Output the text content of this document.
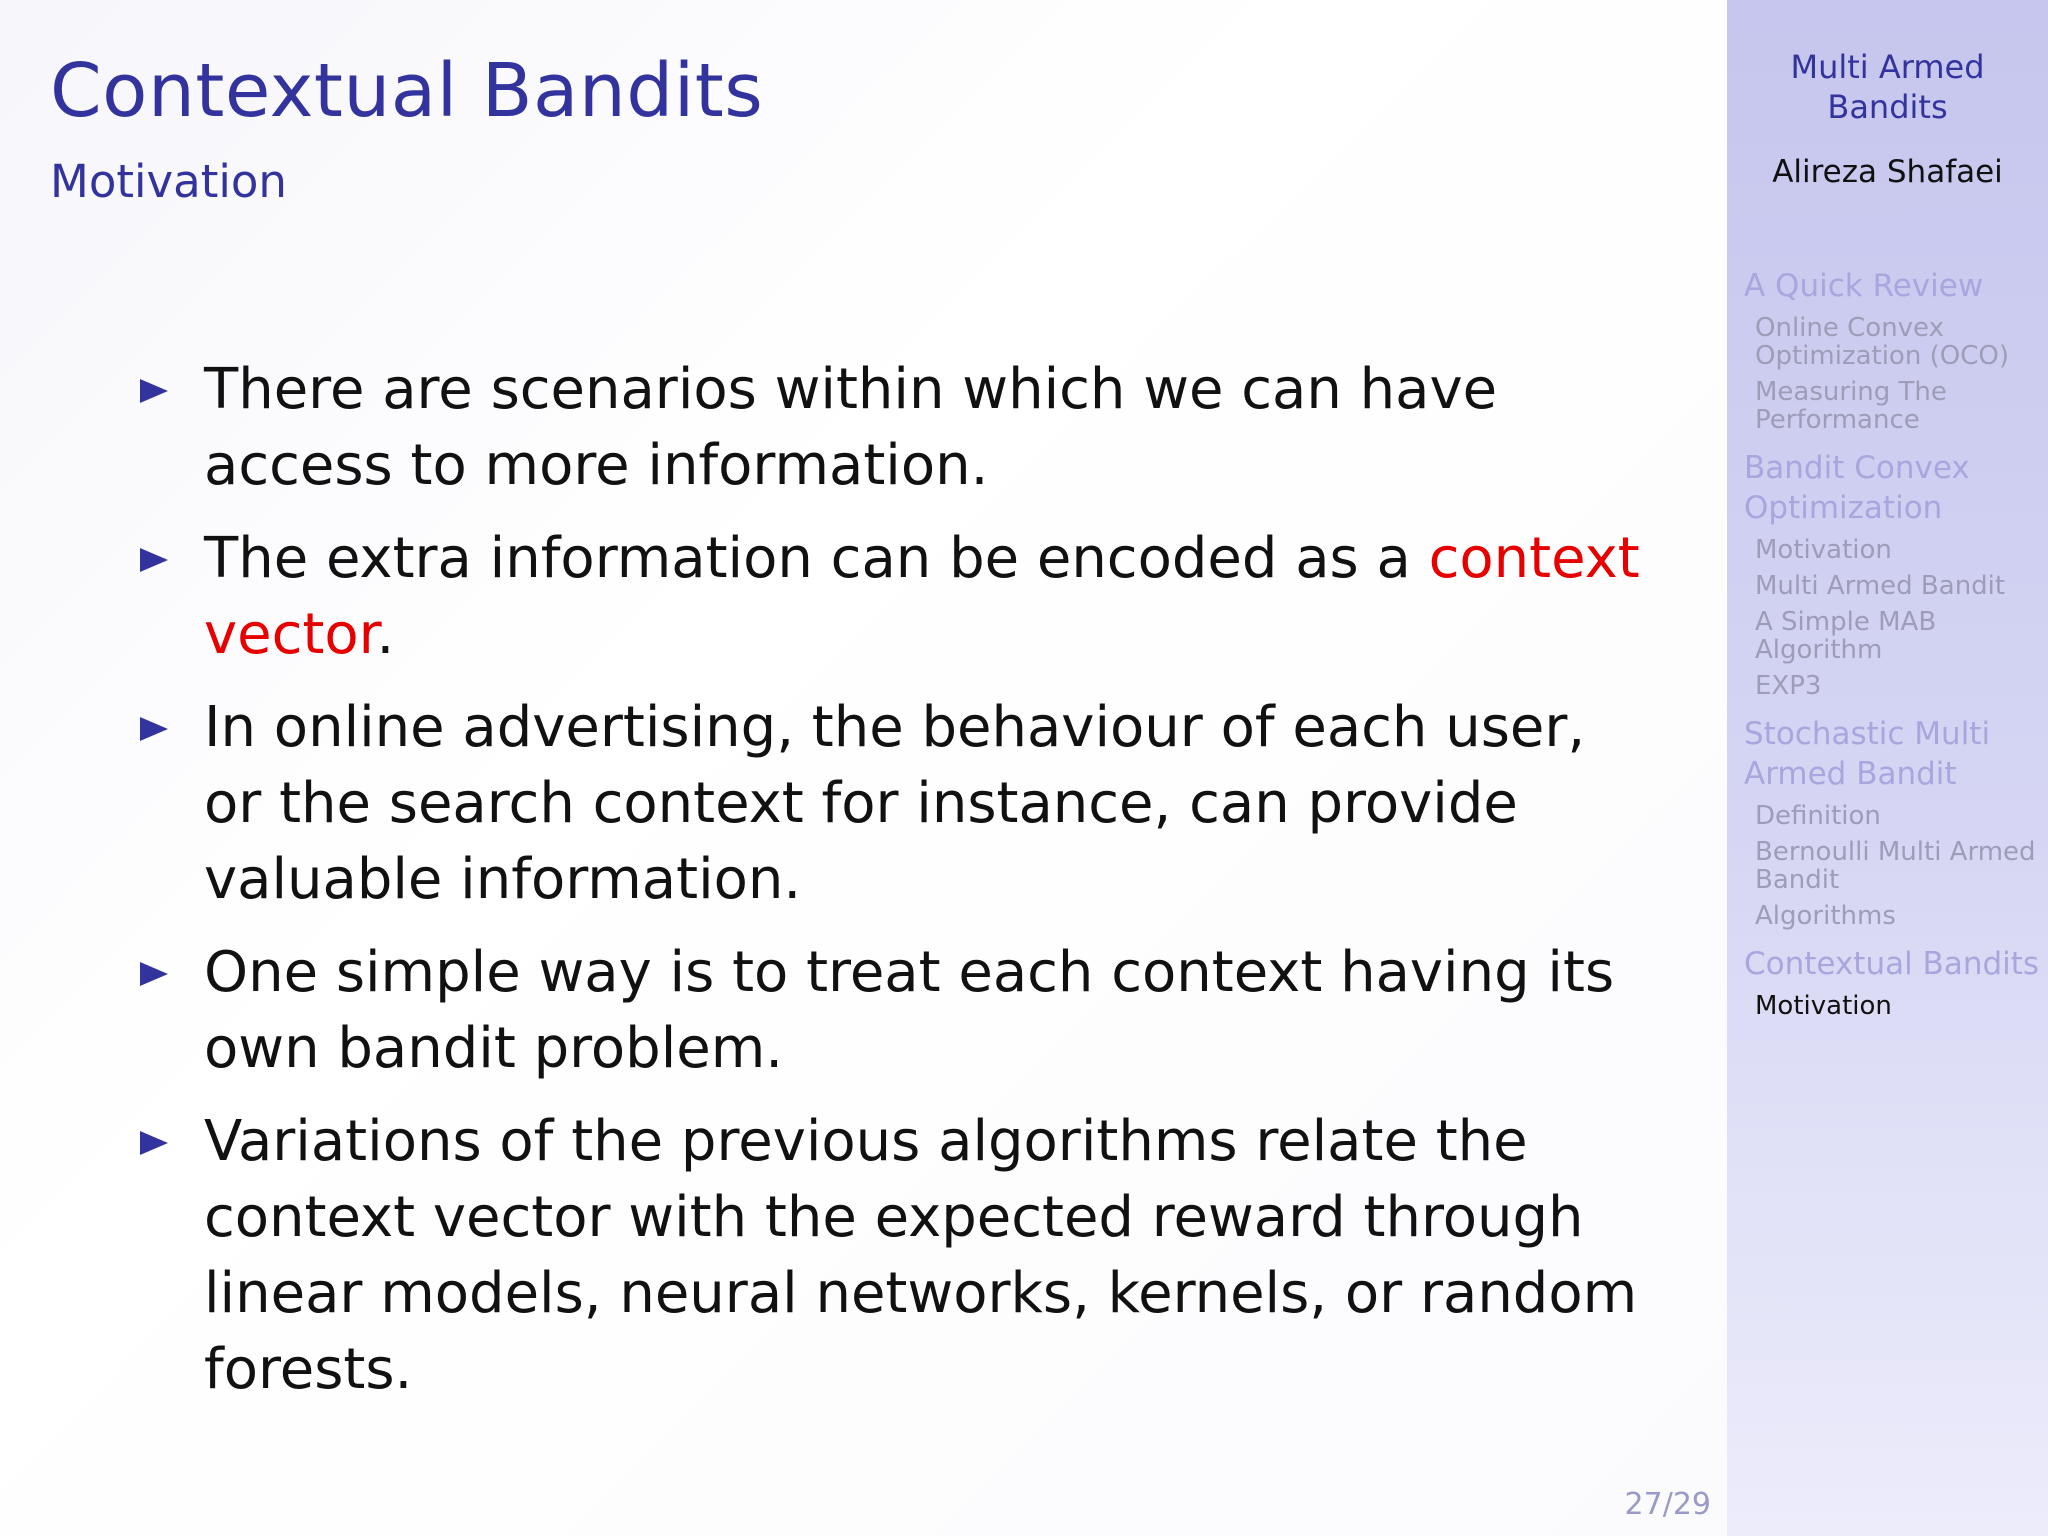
Contextual Bandits
Motivation
There are scenarios within which we can have access to more information.
The extra information can be encoded as a context vector.
In online advertising, the behaviour of each user, or the search context for instance, can provide valuable information.
One simple way is to treat each context having its own bandit problem.
Variations of the previous algorithms relate the context vector with the expected reward through linear models, neural networks, kernels, or random forests.
27/29
Multi Armed Bandits
Alireza Shafaei
A Quick Review
Online Convex Optimization (OCO)
Measuring The Performance
Bandit Convex Optimization
Motivation
Multi Armed Bandit
A Simple MAB Algorithm
EXP3
Stochastic Multi Armed Bandit
Definition
Bernoulli Multi Armed Bandit
Algorithms
Contextual Bandits
Motivation
